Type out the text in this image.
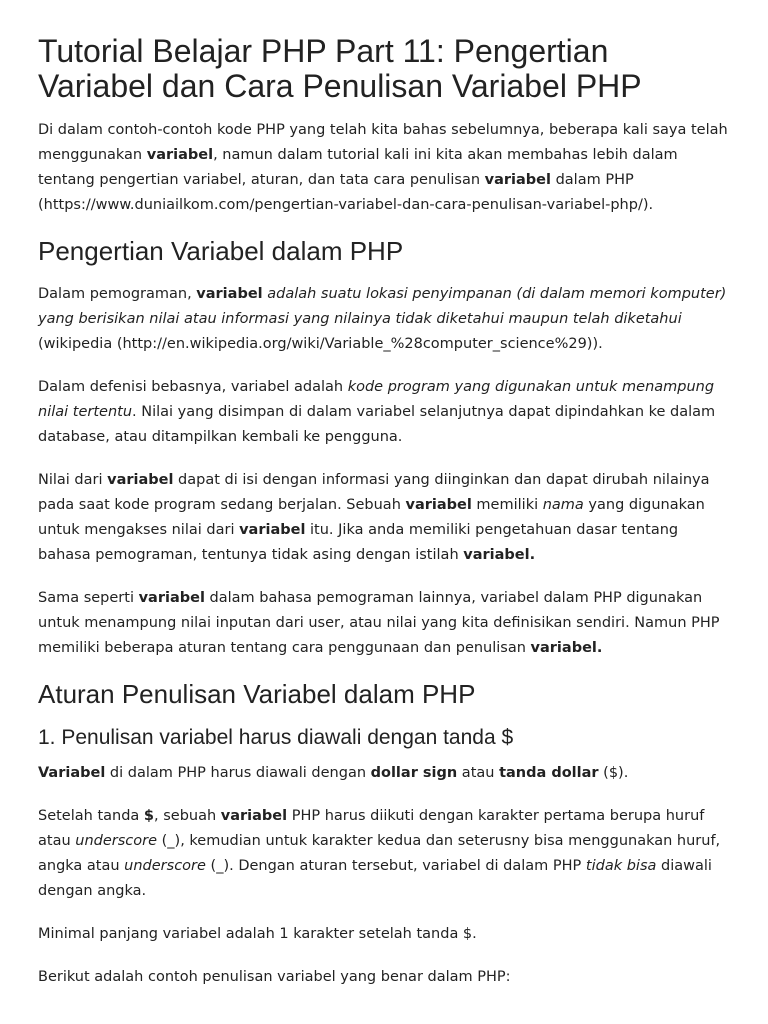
Tutorial Belajar PHP Part 11: Pengertian Variabel dan Cara Penulisan Variabel PHP

Di dalam contoh-contoh kode PHP yang telah kita bahas sebelumnya, beberapa kali saya telah menggunakan variabel, namun dalam tutorial kali ini kita akan membahas lebih dalam tentang pengertian variabel, aturan, dan tata cara penulisan variabel dalam PHP (https://www.duniailkom.com/pengertian-variabel-dan-cara-penulisan-variabel-php/).

Pengertian Variabel dalam PHP

Dalam pemograman, variabel adalah suatu lokasi penyimpanan (di dalam memori komputer) yang berisikan nilai atau informasi yang nilainya tidak diketahui maupun telah diketahui (wikipedia (http://en.wikipedia.org/wiki/Variable_%28computer_science%29)).

Dalam defenisi bebasnya, variabel adalah kode program yang digunakan untuk menampung nilai tertentu. Nilai yang disimpan di dalam variabel selanjutnya dapat dipindahkan ke dalam database, atau ditampilkan kembali ke pengguna.

Nilai dari variabel dapat di isi dengan informasi yang diinginkan dan dapat dirubah nilainya pada saat kode program sedang berjalan. Sebuah variabel memiliki nama yang digunakan untuk mengakses nilai dari variabel itu. Jika anda memiliki pengetahuan dasar tentang bahasa pemograman, tentunya tidak asing dengan istilah variabel.

Sama seperti variabel dalam bahasa pemograman lainnya, variabel dalam PHP digunakan untuk menampung nilai inputan dari user, atau nilai yang kita definisikan sendiri. Namun PHP memiliki beberapa aturan tentang cara penggunaan dan penulisan variabel.

Aturan Penulisan Variabel dalam PHP
1. Penulisan variabel harus diawali dengan tanda $

Variabel di dalam PHP harus diawali dengan dollar sign atau tanda dollar ($).

Setelah tanda $, sebuah variabel PHP harus diikuti dengan karakter pertama berupa huruf atau underscore (_), kemudian untuk karakter kedua dan seterusny bisa menggunakan huruf, angka atau underscore (_). Dengan aturan tersebut, variabel di dalam PHP tidak bisa diawali dengan angka.

Minimal panjang variabel adalah 1 karakter setelah tanda $.

Berikut adalah contoh penulisan variabel yang benar dalam PHP:
